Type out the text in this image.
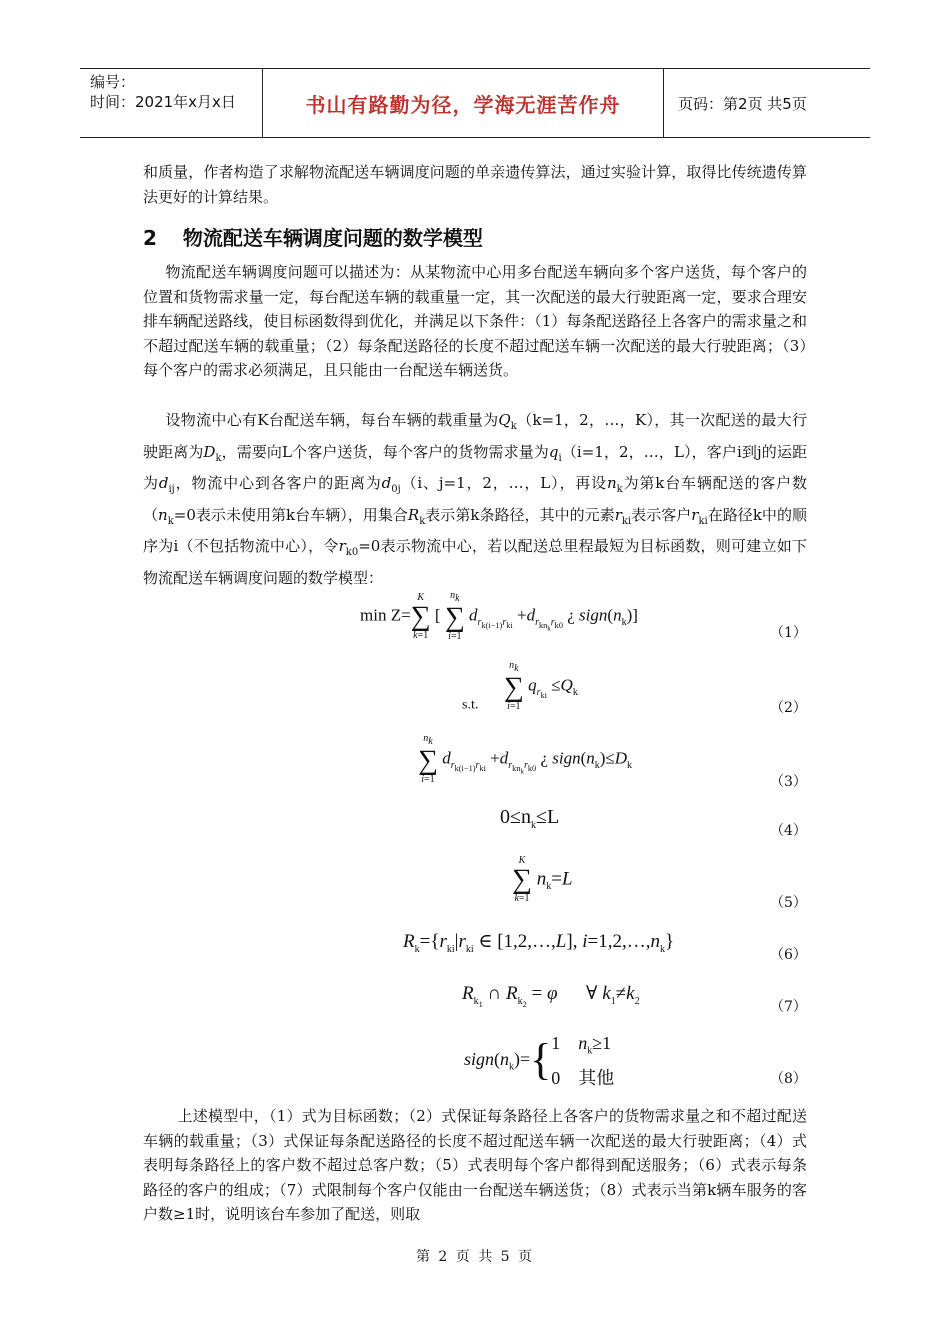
编号：
时间：2021年x月x日	书山有路勤为径，学海无涯苦作舟	页码：第2页 共5页
和质量，作者构造了求解物流配送车辆调度问题的单亲遗传算法，通过实验计算，取得比传统遗传算法更好的计算结果。
2 物流配送车辆调度问题的数学模型
物流配送车辆调度问题可以描述为：从某物流中心用多台配送车辆向多个客户送货，每个客户的位置和货物需求量一定，每台配送车辆的载重量一定，其一次配送的最大行驶距离一定，要求合理安排车辆配送路线，使目标函数得到优化，并满足以下条件：（1）每条配送路径上各客户的需求量之和不超过配送车辆的载重量；（2）每条配送路径的长度不超过配送车辆一次配送的最大行驶距离；（3）每个客户的需求必须满足，且只能由一台配送车辆送货。
设物流中心有K台配送车辆，每台车辆的载重量为$Q_k(k=1$，2，…，K），其一次配送的最大行驶距离为$D_k$，需要向L个客户送货，每个客户的货物需求量为$q_i(i=1$，2，…，L），客户i到j的运距为$d_{ij}$，物流中心到各客户的距离为$d_{0j}(i$、j=1，2，…，L），再设$n_k$为第k台车辆配送的客户数（$n_k=0$表示未使用第k台车辆），用集合$R_k$表示第k条路径，其中的元素$r_{ki}$表示客户$r_{ki}$在路径k中的顺序为i（不包括物流中心），令$r_{k0}=0$表示物流中心，若以配送总里程最短为目标函数，则可建立如下物流配送车辆调度问题的数学模型：
min Z=
K
∑
k=1
[
nk
∑
i=1
$d_{r_{k(i-1)}r_{ki}} +d_{r_{kn_k}r_{k0}}$ ¿ $sign(n_k)$]
（1）
$_{s.t.}$
nk
∑
i=1
$q_{r_{ki}} \le Q_k$
（2）
nk
∑
i=1
$d_{r_{k(i-1)}r_{ki}} +d_{r_{kn_k}r_{k0}}$ ¿ $sign(n_k)\le D_k$
（3）
$0\le n_k\le L$
（4）
K
∑
k=1
$n_k=L$
（5）
$R_k=\{r_{ki}|r_{ki}$ ∈ [1,2,…,L], $i=1,2,\dots,n_k$}
（6）
$R_{k_1}$ ∩ $R_{k_2} = \varphi$      ∀ $k_1\ne k_2$	（7）
$sign(n_k)=${ 1 $n_k\ge 1$
0 其他	（8）
上述模型中，（1）式为目标函数；（2）式保证每条路径上各客户的货物需求量之和不超过配送车辆的载重量；（3）式保证每条配送路径的长度不超过配送车辆一次配送的最大行驶距离；（4）式表明每条路径上的客户数不超过总客户数；（5）式表明每个客户都得到配送服务；（6）式表示每条路径的客户的组成；（7）式限制每个客户仅能由一台配送车辆送货；（8）式表示当第k辆车服务的客户数≥1时，说明该台车参加了配送，则取
第 2 页 共 5 页
